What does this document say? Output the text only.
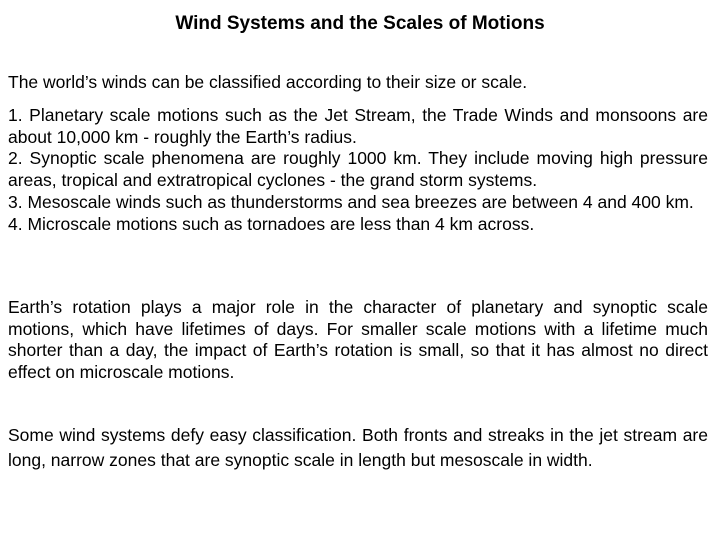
Wind Systems and the Scales of Motions
The world’s winds can be classified according to their size or scale.
1. Planetary scale motions such as the Jet Stream, the Trade Winds and monsoons are about 10,000 km - roughly the Earth’s radius.
2. Synoptic scale phenomena are roughly 1000 km. They include moving high pressure areas, tropical and extratropical cyclones - the grand storm systems.
3. Mesoscale winds such as thunderstorms and sea breezes are between 4 and 400 km.
4. Microscale motions such as tornadoes are less than 4 km across.
Earth’s rotation plays a major role in the character of planetary and synoptic scale motions, which have lifetimes of days. For smaller scale motions with a lifetime much shorter than a day, the impact of Earth’s rotation is small, so that it has almost no direct effect on microscale motions.
Some wind systems defy easy classification. Both fronts and streaks in the jet stream are long, narrow zones that are synoptic scale in length but mesoscale in width.
